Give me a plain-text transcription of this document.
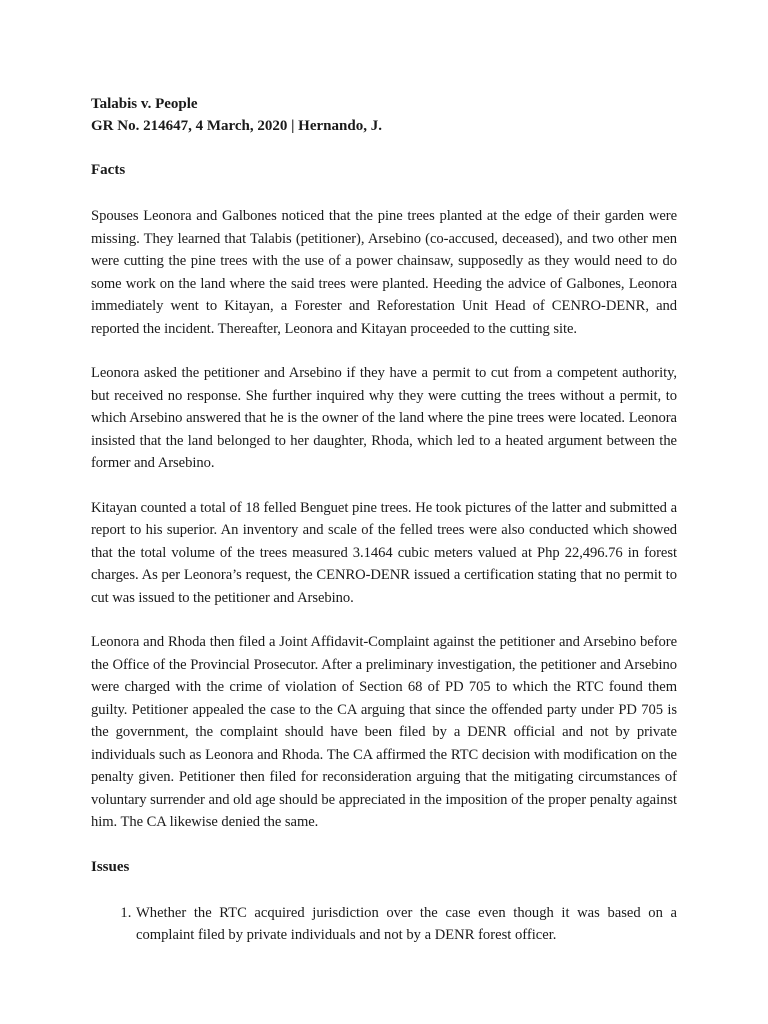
Talabis v. People

GR No. 214647, 4 March, 2020 | Hernando, J.

Facts

Spouses Leonora and Galbones noticed that the pine trees planted at the edge of their garden were missing. They learned that Talabis (petitioner), Arsebino (co-accused, deceased), and two other men were cutting the pine trees with the use of a power chainsaw, supposedly as they would need to do some work on the land where the said trees were planted. Heeding the advice of Galbones, Leonora immediately went to Kitayan, a Forester and Reforestation Unit Head of CENRO-DENR, and reported the incident. Thereafter, Leonora and Kitayan proceeded to the cutting site.

Leonora asked the petitioner and Arsebino if they have a permit to cut from a competent authority, but received no response. She further inquired why they were cutting the trees without a permit, to which Arsebino answered that he is the owner of the land where the pine trees were located. Leonora insisted that the land belonged to her daughter, Rhoda, which led to a heated argument between the former and Arsebino.

Kitayan counted a total of 18 felled Benguet pine trees. He took pictures of the latter and submitted a report to his superior. An inventory and scale of the felled trees were also conducted which showed that the total volume of the trees measured 3.1464 cubic meters valued at Php 22,496.76 in forest charges. As per Leonora’s request, the CENRO-DENR issued a certification stating that no permit to cut was issued to the petitioner and Arsebino.

Leonora and Rhoda then filed a Joint Affidavit-Complaint against the petitioner and Arsebino before the Office of the Provincial Prosecutor. After a preliminary investigation, the petitioner and Arsebino were charged with the crime of violation of Section 68 of PD 705 to which the RTC found them guilty. Petitioner appealed the case to the CA arguing that since the offended party under PD 705 is the government, the complaint should have been filed by a DENR official and not by private individuals such as Leonora and Rhoda. The CA affirmed the RTC decision with modification on the penalty given. Petitioner then filed for reconsideration arguing that the mitigating circumstances of voluntary surrender and old age should be appreciated in the imposition of the proper penalty against him. The CA likewise denied the same.

Issues

1. Whether the RTC acquired jurisdiction over the case even though it was based on a complaint filed by private individuals and not by a DENR forest officer.
